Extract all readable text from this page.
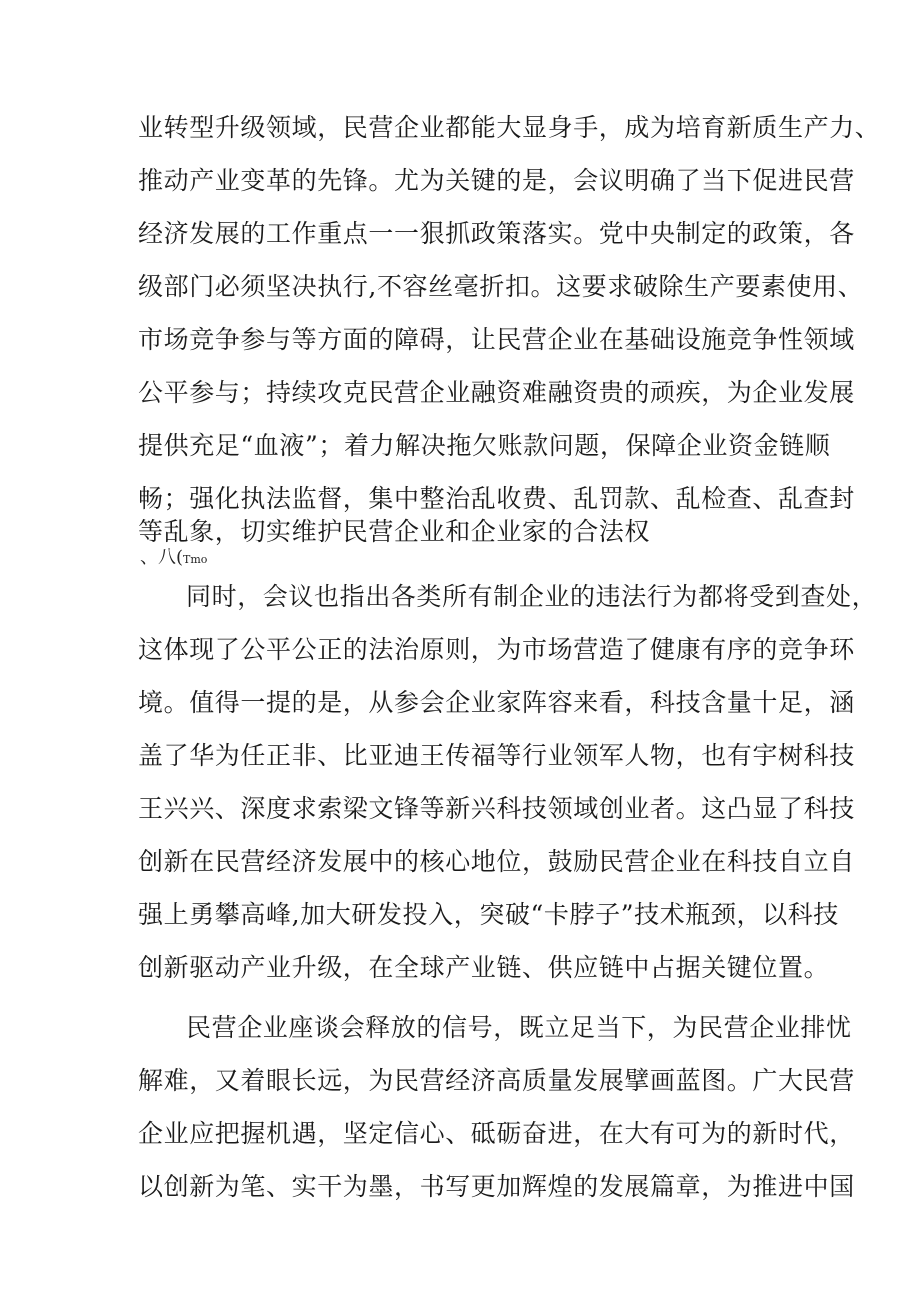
业转型升级领域，民营企业都能大显身手，成为培育新质生产力、
推动产业变革的先锋。尤为关键的是，会议明确了当下促进民营
经济发展的工作重点一一狠抓政策落实。党中央制定的政策，各
级部门必须坚决执行,不容丝毫折扣。这要求破除生产要素使用、
市场竞争参与等方面的障碍，让民营企业在基础设施竞争性领域
公平参与；持续攻克民营企业融资难融资贵的顽疾，为企业发展
提供充足“血液”；着力解决拖欠账款问题，保障企业资金链顺
畅；强化执法监督，集中整治乱收费、乱罚款、乱检查、乱查封
等乱象，切实维护民营企业和企业家的合法权
、八(Tmo
同时，会议也指出各类所有制企业的违法行为都将受到查处，
这体现了公平公正的法治原则，为市场营造了健康有序的竞争环
境。值得一提的是，从参会企业家阵容来看，科技含量十足，涵
盖了华为任正非、比亚迪王传福等行业领军人物，也有宇树科技
王兴兴、深度求索梁文锋等新兴科技领域创业者。这凸显了科技
创新在民营经济发展中的核心地位，鼓励民营企业在科技自立自
强上勇攀高峰,加大研发投入，突破“卡脖子”技术瓶颈，以科技
创新驱动产业升级，在全球产业链、供应链中占据关键位置。
民营企业座谈会释放的信号，既立足当下，为民营企业排忧
解难，又着眼长远，为民营经济高质量发展擘画蓝图。广大民营
企业应把握机遇，坚定信心、砥砺奋进，在大有可为的新时代，
以创新为笔、实干为墨，书写更加辉煌的发展篇章，为推进中国
